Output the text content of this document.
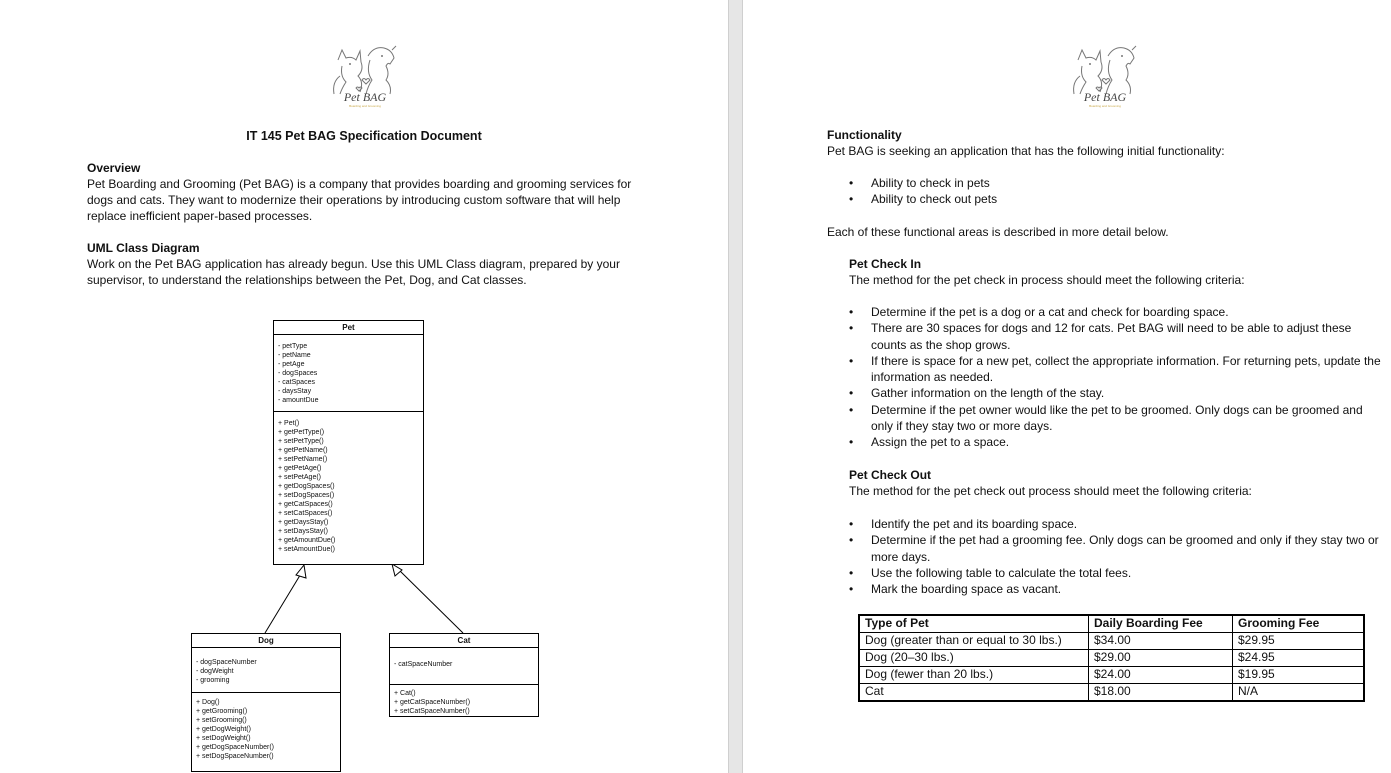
Pet BAG
Boarding and Grooming
IT 145 Pet BAG Specification Document
Overview
Pet Boarding and Grooming (Pet BAG) is a company that provides boarding and grooming services for
dogs and cats. They want to modernize their operations by introducing custom software that will help
replace inefficient paper-based processes.
UML Class Diagram
Work on the Pet BAG application has already begun. Use this UML Class diagram, prepared by your
supervisor, to understand the relationships between the Pet, Dog, and Cat classes.
Pet
- petType
- petName
- petAge
- dogSpaces
- catSpaces
- daysStay
- amountDue
+ Pet()
+ getPetType()
+ setPetType()
+ getPetName()
+ setPetName()
+ getPetAge()
+ setPetAge()
+ getDogSpaces()
+ setDogSpaces()
+ getCatSpaces()
+ setCatSpaces()
+ getDaysStay()
+ setDaysStay()
+ getAmountDue()
+ setAmountDue()
Dog
- dogSpaceNumber
- dogWeight
- grooming
+ Dog()
+ getGrooming()
+ setGrooming()
+ getDogWeight()
+ setDogWeight()
+ getDogSpaceNumber()
+ setDogSpaceNumber()
Cat
- catSpaceNumber
+ Cat()
+ getCatSpaceNumber()
+ setCatSpaceNumber()
Pet BAG
Boarding and Grooming
Functionality
Pet BAG is seeking an application that has the following initial functionality:
• Ability to check in pets
• Ability to check out pets
Each of these functional areas is described in more detail below.
Pet Check In
The method for the pet check in process should meet the following criteria:
• Determine if the pet is a dog or a cat and check for boarding space.
• There are 30 spaces for dogs and 12 for cats. Pet BAG will need to be able to adjust these counts as the shop grows.
• If there is space for a new pet, collect the appropriate information. For returning pets, update the information as needed.
• Gather information on the length of the stay.
• Determine if the pet owner would like the pet to be groomed. Only dogs can be groomed and only if they stay two or more days.
• Assign the pet to a space.
Pet Check Out
The method for the pet check out process should meet the following criteria:
• Identify the pet and its boarding space.
• Determine if the pet had a grooming fee. Only dogs can be groomed and only if they stay two or more days.
• Use the following table to calculate the total fees.
• Mark the boarding space as vacant.
Type of Pet	Daily Boarding Fee	Grooming Fee
Dog (greater than or equal to 30 lbs.)	$34.00	$29.95
Dog (20–30 lbs.)	$29.00	$24.95
Dog (fewer than 20 lbs.)	$24.00	$19.95
Cat	$18.00	N/A
